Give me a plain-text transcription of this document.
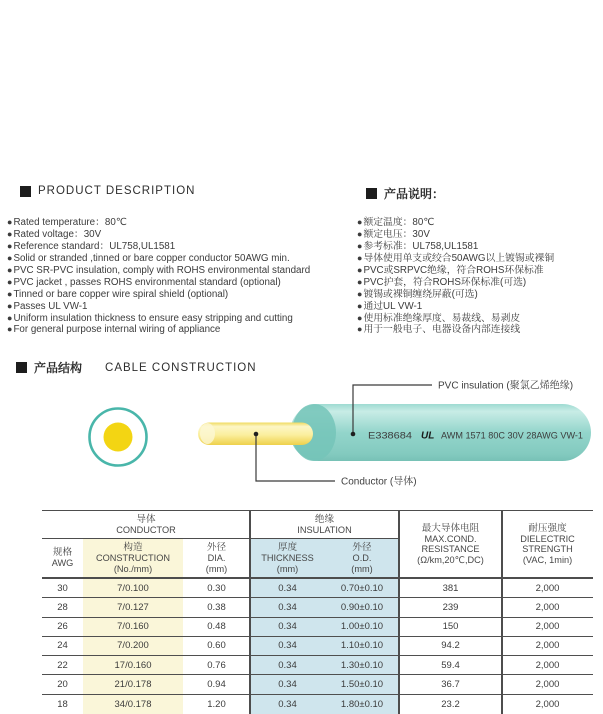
PRODUCT DESCRIPTION	产品说明：
●Rated temperature：80℃
●Rated voltage：30V
●Reference standard：UL758,UL1581
●Solid or stranded ,tinned or bare copper conductor 50AWG min.
●PVC SR-PVC insulation, comply with ROHS environmental standard
●PVC jacket , passes ROHS environmental standard (optional)
●Tinned or bare copper wire spiral shield (optional)
●Passes UL VW-1
●Uniform insulation thickness to ensure easy stripping and cutting
●For general purpose internal wiring of appliance
●额定温度：80℃
●额定电压：30V
●参考标准：UL758,UL1581
●导体使用单支或绞合50AWG以上镀锡或裸铜
●PVC或SRPVC绝缘，符合ROHS环保标准
●PVC护套，符合ROHS环保标准(可选)
●镀锡或裸铜缠绕屏蔽(可选)
●通过UL VW-1
●使用标准绝缘厚度、易裁线、易剥皮
●用于一般电子、电器设备内部连接线
产品结构 CABLE CONSTRUCTION
E338684 UL AWM 1571 80C 30V 28AWG VW-1
PVC insulation (聚氯乙烯绝缘)
Conductor (导体)
导体
CONDUCTOR
绝缘
INSULATION
规格
AWG
构造
CONSTRUCTION
(No./mm)
外径
DIA.
(mm)
厚度
THICKNESS
(mm)
外径
O.D.
(mm)
最大导体电阻
MAX.COND.
RESISTANCE
(Ω/km,20℃,DC)
耐压强度
DIELECTRIC
STRENGTH
(VAC, 1min)
30	7/0.100	0.30	0.34	0.70±0.10	381	2,000
28	7/0.127	0.38	0.34	0.90±0.10	239	2,000
26	7/0.160	0.48	0.34	1.00±0.10	150	2,000
24	7/0.200	0.60	0.34	1.10±0.10	94.2	2,000
22	17/0.160	0.76	0.34	1.30±0.10	59.4	2,000
20	21/0.178	0.94	0.34	1.50±0.10	36.7	2,000
18	34/0.178	1.20	0.34	1.80±0.10	23.2	2,000
